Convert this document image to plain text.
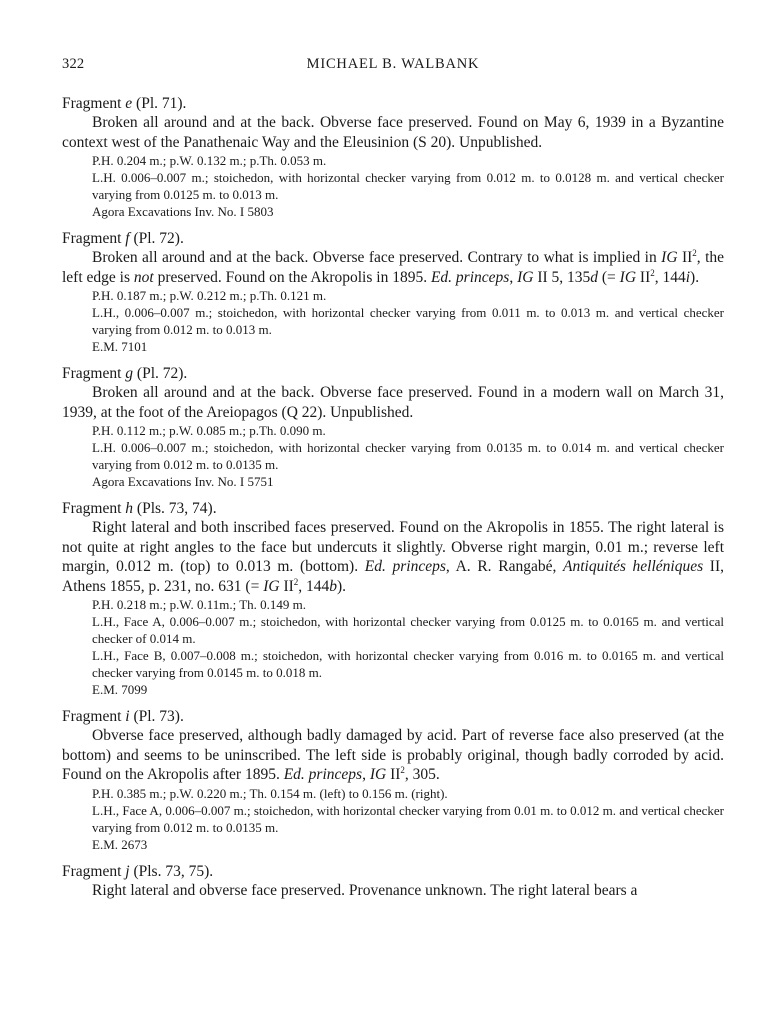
322	MICHAEL B. WALBANK
Fragment e (Pl. 71).

Broken all around and at the back. Obverse face preserved. Found on May 6, 1939 in a Byzantine context west of the Panathenaic Way and the Eleusinion (S 20). Unpublished.

P.H. 0.204 m.; p.W. 0.132 m.; p.Th. 0.053 m.
L.H. 0.006–0.007 m.; stoichedon, with horizontal checker varying from 0.012 m. to 0.0128 m. and vertical checker varying from 0.0125 m. to 0.013 m.
Agora Excavations Inv. No. I 5803
Fragment f (Pl. 72).

Broken all around and at the back. Obverse face preserved. Contrary to what is implied in IG $II^2$, the left edge is not preserved. Found on the Akropolis in 1895. Ed. princeps, IG II 5, 135d (= IG $II^2$, 144i).

P.H. 0.187 m.; p.W. 0.212 m.; p.Th. 0.121 m.
L.H., 0.006–0.007 m.; stoichedon, with horizontal checker varying from 0.011 m. to 0.013 m. and vertical checker varying from 0.012 m. to 0.013 m.
E.M. 7101
Fragment g (Pl. 72).

Broken all around and at the back. Obverse face preserved. Found in a modern wall on March 31, 1939, at the foot of the Areiopagos (Q 22). Unpublished.

P.H. 0.112 m.; p.W. 0.085 m.; p.Th. 0.090 m.
L.H. 0.006–0.007 m.; stoichedon, with horizontal checker varying from 0.0135 m. to 0.014 m. and vertical checker varying from 0.012 m. to 0.0135 m.
Agora Excavations Inv. No. I 5751
Fragment h (Pls. 73, 74).

Right lateral and both inscribed faces preserved. Found on the Akropolis in 1855. The right lateral is not quite at right angles to the face but undercuts it slightly. Obverse right margin, 0.01 m.; reverse left margin, 0.012 m. (top) to 0.013 m. (bottom). Ed. princeps, A. R. Rangabé, Antiquités helléniques II, Athens 1855, p. 231, no. 631 (= IG $II^2$, 144b).

P.H. 0.218 m.; p.W. 0.11m.; Th. 0.149 m.
L.H., Face A, 0.006–0.007 m.; stoichedon, with horizontal checker varying from 0.0125 m. to 0.0165 m. and vertical checker of 0.014 m.
L.H., Face B, 0.007–0.008 m.; stoichedon, with horizontal checker varying from 0.016 m. to 0.0165 m. and vertical checker varying from 0.0145 m. to 0.018 m.
E.M. 7099
Fragment i (Pl. 73).

Obverse face preserved, although badly damaged by acid. Part of reverse face also preserved (at the bottom) and seems to be uninscribed. The left side is probably original, though badly corroded by acid. Found on the Akropolis after 1895. Ed. princeps, IG $II^2$, 305.

P.H. 0.385 m.; p.W. 0.220 m.; Th. 0.154 m. (left) to 0.156 m. (right).
L.H., Face A, 0.006–0.007 m.; stoichedon, with horizontal checker varying from 0.01 m. to 0.012 m. and vertical checker varying from 0.012 m. to 0.0135 m.
E.M. 2673
Fragment j (Pls. 73, 75).

Right lateral and obverse face preserved. Provenance unknown. The right lateral bears a
